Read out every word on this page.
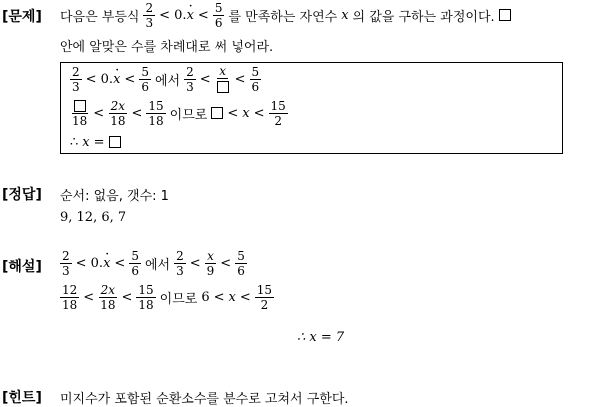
[문제] 다음은 부등식 $\frac{2}{3} < 0$. x · < $\frac{5}{6}$ 를 만족하는 자연수 x 의 값을 구하는 과정이다.
안에 알맞은 수를 차례대로 써 넣어라.
$\frac{2}{3} < 0$. x · < $\frac{5}{6}$ 에서 $\frac{2}{3}$ <
x
< $\frac{5}{6}$
18
< $\frac{2x}{18} < \frac{15}{18}$ 이므로 < $x < \frac{15}{2}$
∴ x =
[정답] 순서: 없음, 갯수: 1
9, 12, 6, 7
[해설] $\frac{2}{3} < 0$. x · < $\frac{5}{6}$ 에서 $\frac{2}{3} < \frac{x}{9} < \frac{5}{6}$
$\frac{12}{18} < \frac{2x}{18} < \frac{15}{18}$ 이므로 $6 < x < \frac{15}{2}$
∴ x = 7
[힌트] 미지수가 포함된 순환소수를 분수로 고쳐서 구한다.
